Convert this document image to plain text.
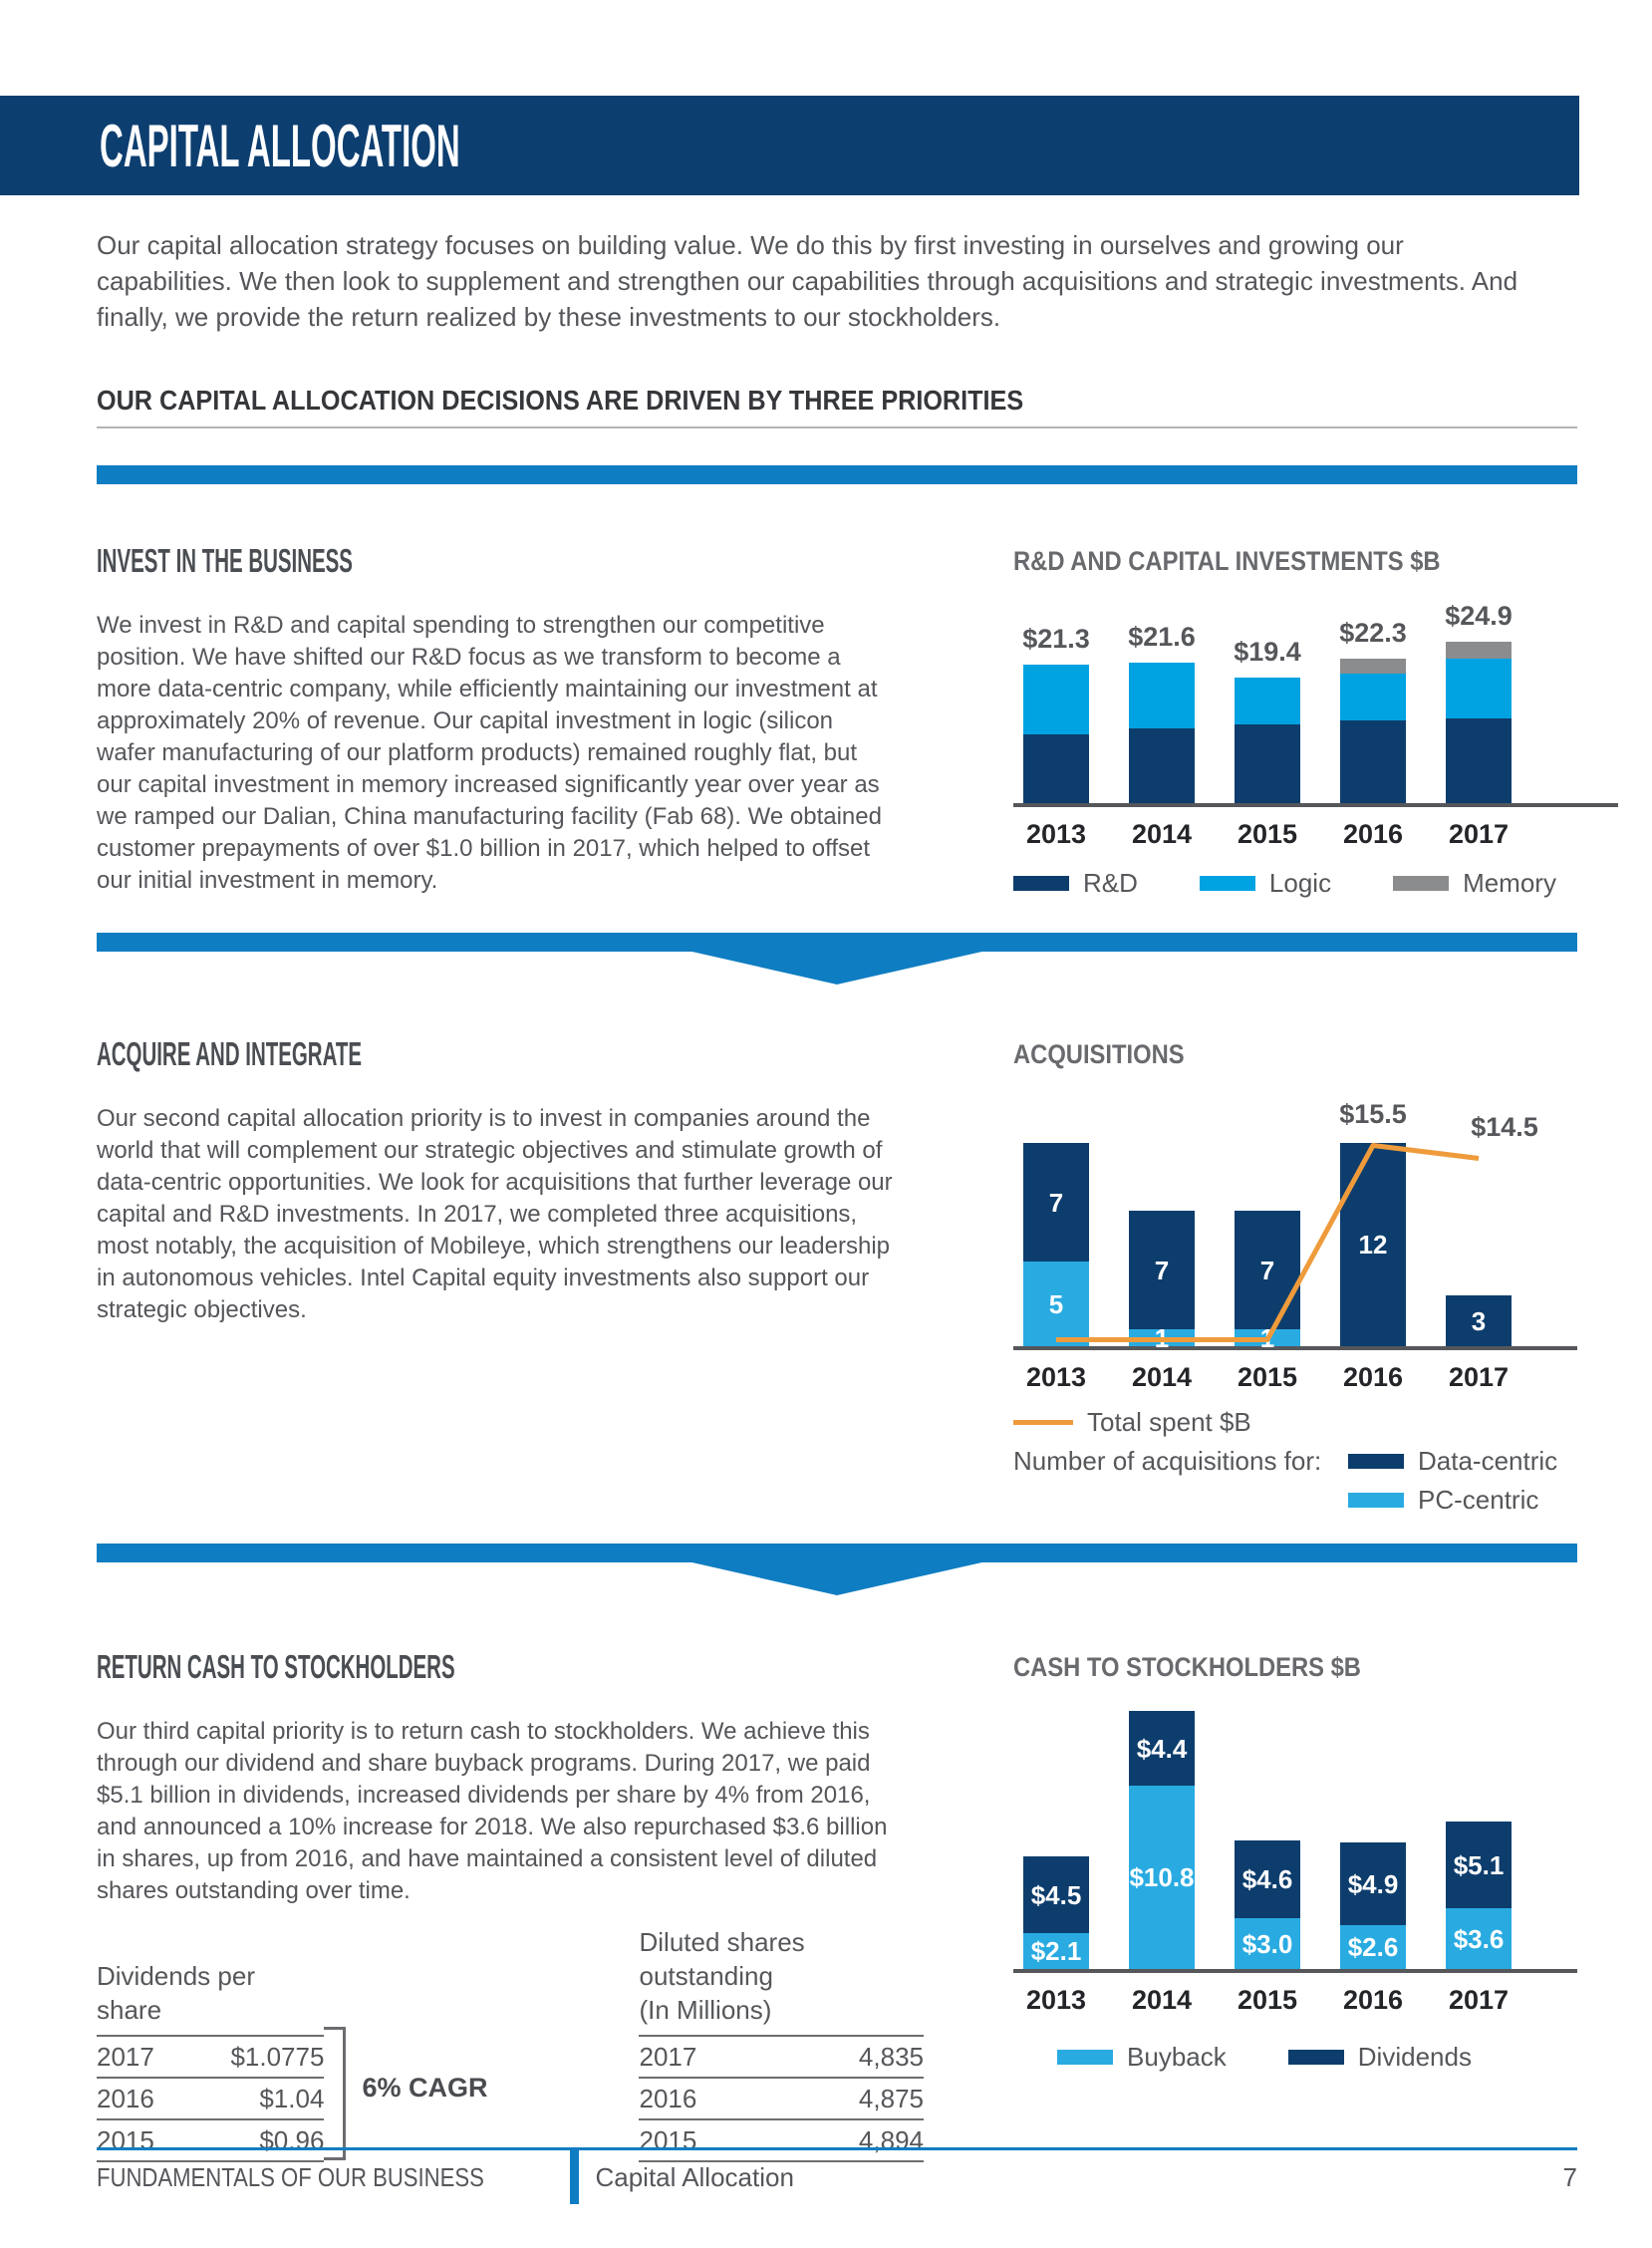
CAPITAL ALLOCATION

Our capital allocation strategy focuses on building value. We do this by first investing in ourselves and growing our capabilities. We then look to supplement and strengthen our capabilities through acquisitions and strategic investments. And finally, we provide the return realized by these investments to our stockholders.

OUR CAPITAL ALLOCATION DECISIONS ARE DRIVEN BY THREE PRIORITIES
INVEST IN THE BUSINESS

We invest in R&D and capital spending to strengthen our competitive position. We have shifted our R&D focus as we transform to become a more data-centric company, while efficiently maintaining our investment at approximately 20% of revenue. Our capital investment in logic (silicon wafer manufacturing of our platform products) remained roughly flat, but our capital investment in memory increased significantly year over year as we ramped our Dalian, China manufacturing facility (Fab 68). We obtained customer prepayments of over $1.0 billion in 2017, which helped to offset our initial investment in memory.

R&D AND CAPITAL INVESTMENTS $B
$21.3 $21.6 $19.4
$22.3
$24.9
2013 2014 2015 2016 2017
R&D	Logic	Memory
ACQUIRE AND INTEGRATE

Our second capital allocation priority is to invest in companies around the world that will complement our strategic objectives and stimulate growth of data-centric opportunities. We look for acquisitions that further leverage our capital and R&D investments. In 2017, we completed three acquisitions, most notably, the acquisition of Mobileye, which strengthens our leadership in autonomous vehicles. Intel Capital equity investments also support our strategic objectives.

ACQUISITIONS
7
5
7
1
7
1
12
3
$15.5 $14.5
2013 2014 2015 2016 2017
Total spent $B
Number of acquisitions for:	Data-centric
PC-centric
RETURN CASH TO STOCKHOLDERS

Our third capital priority is to return cash to stockholders. We achieve this through our dividend and share buyback programs. During 2017, we paid $5.1 billion in dividends, increased dividends per share by 4% from 2016, and announced a 10% increase for 2018. We also repurchased $3.6 billion in shares, up from 2016, and have maintained a consistent level of diluted shares outstanding over time.

Dividends per share
2017	$1.0775
2016	$1.04
2015	$0.96
6% CAGR
Diluted shares outstanding
(In Millions)
2017	4,835
2016	4,875
2015	4,894
CASH TO STOCKHOLDERS $B
$4.5
$2.1
$4.4
$10.8 $4.6
$3.0
$4.9
$2.6
$5.1
$3.6
2013 2014 2015 2016 2017
Buyback	Dividends
FUNDAMENTALS OF OUR BUSINESS	Capital Allocation	7
